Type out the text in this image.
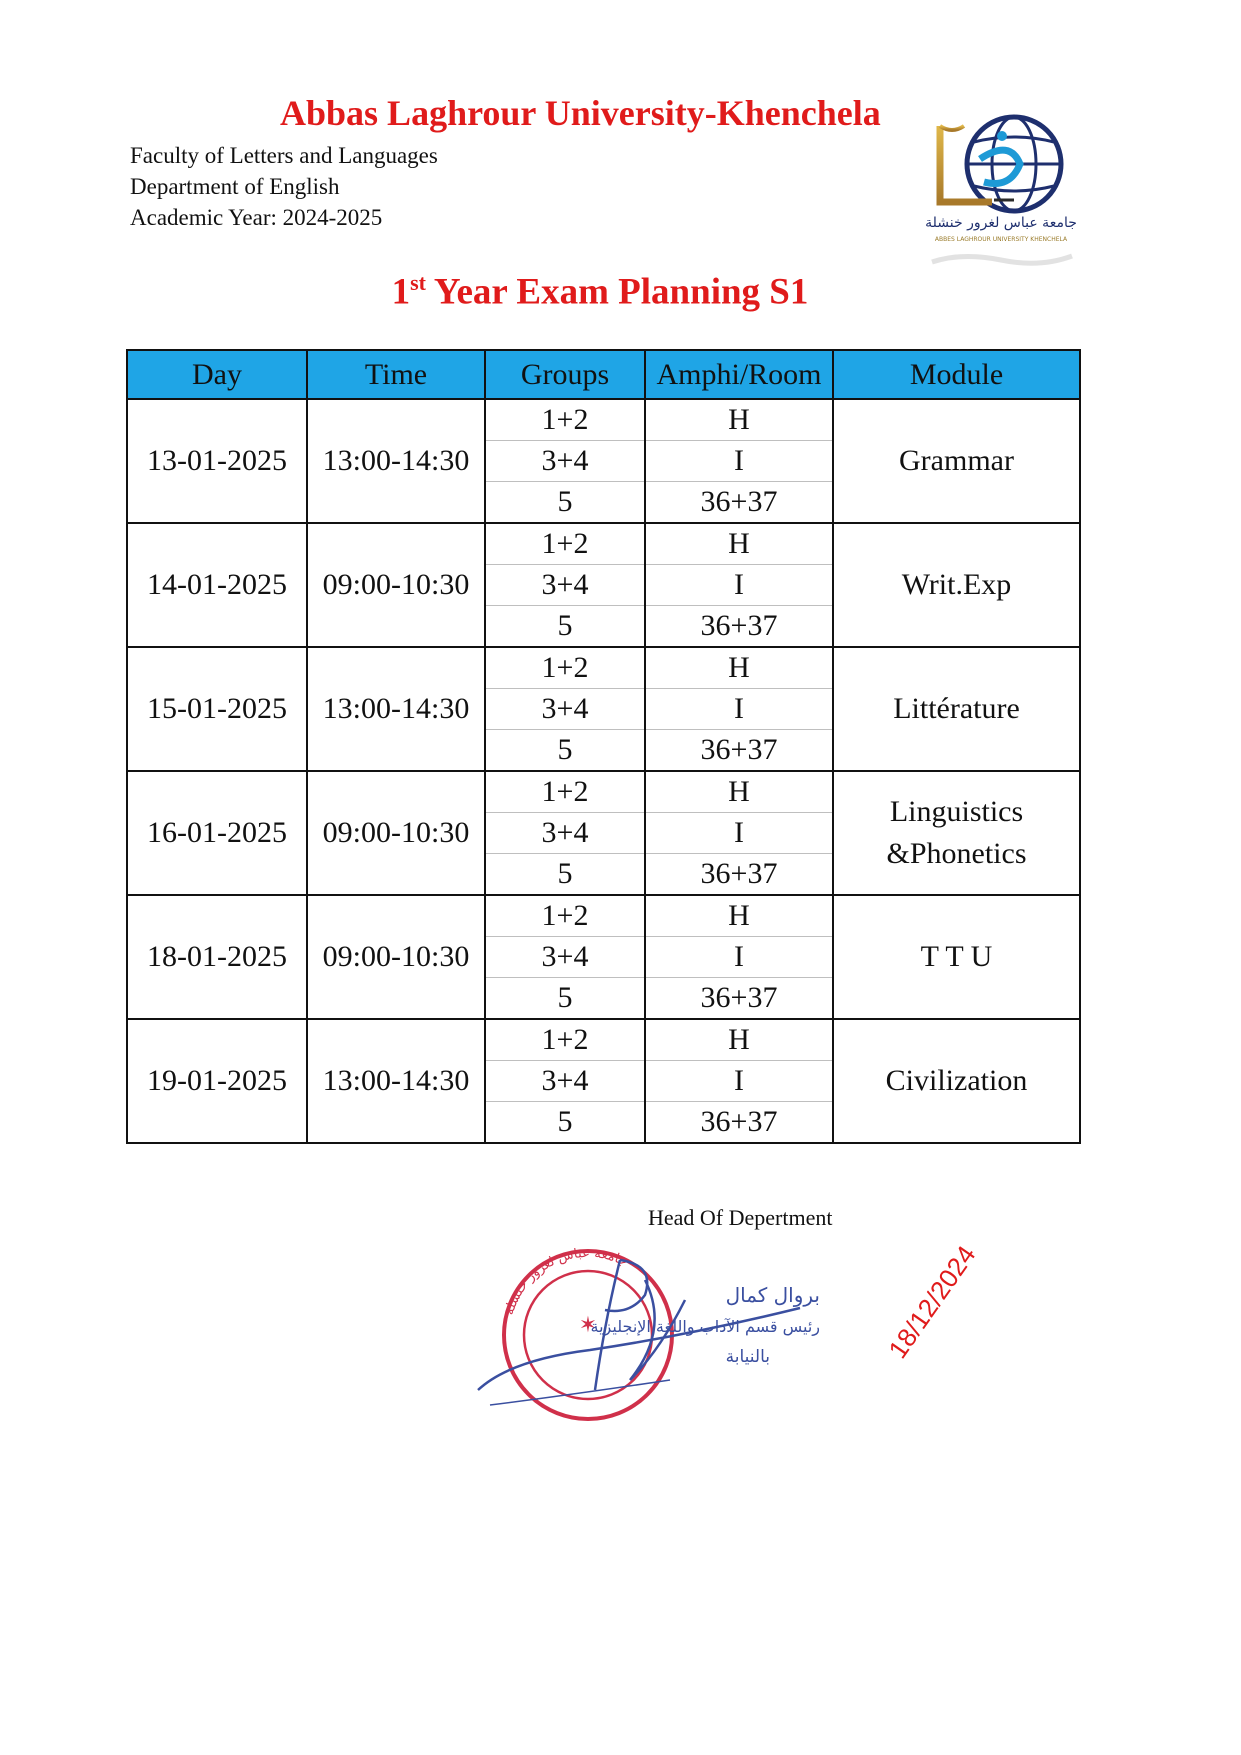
Abbas Laghrour University-Khenchela
Faculty of Letters and Languages
Department of English
Academic Year: 2024-2025	جامعة عباس لغرور خنشلة
ABBES LAGHROUR UNIVERSITY KHENCHELA
1st Year Exam Planning S1
Day	Time	Groups	Amphi/Room	Module
13-01-2025	13:00-14:30	1+2	H	Grammar
		3+4	I	
		5	36+37	
14-01-2025	09:00-10:30	1+2	H	Writ.Exp
		3+4	I	
		5	36+37	
15-01-2025	13:00-14:30	1+2	H	Littérature
		3+4	I	
		5	36+37	
16-01-2025	09:00-10:30	1+2	H	Linguistics &Phonetics
		3+4	I	
		5	36+37	
18-01-2025	09:00-10:30	1+2	H	T T U
		3+4	I	
		5	36+37	
19-01-2025	13:00-14:30	1+2	H	Civilization
		3+4	I	
		5	36+37	
Head Of Depertment
جامعة عباس لغرور خنشلة
✶
بروال كمال
رئيس قسم الآداب واللغة الإنجليزية
بالنيابة	18/12/2024
